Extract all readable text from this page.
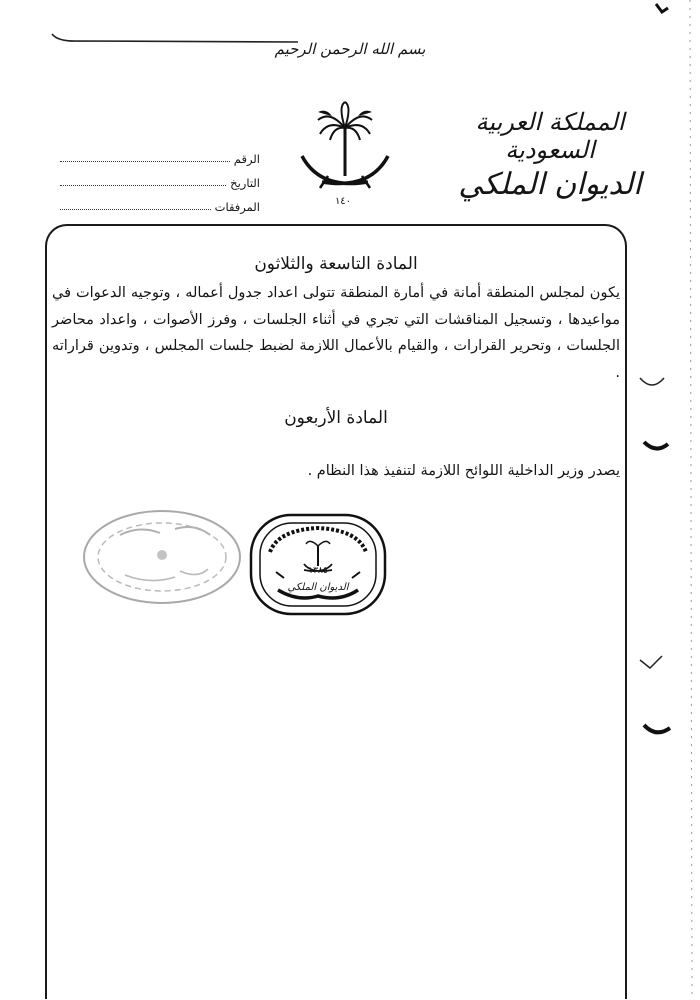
بسم الله الرحمن الرحيم
المملكة العربية السعودية
الديوان الملكي
١٤٠
الرقم
التاريخ
المرفقات
المادة التاسعة والثلاثون
يكون لمجلس المنطقة أمانة في أمارة المنطقة تتولى اعداد جدول أعماله ، وتوجيه الدعوات في مواعيدها ، وتسجيل المناقشات التي تجري في أثناء الجلسات ، وفرز الأصوات ، واعداد محاضر الجلسات ، وتحرير القرارات ، والقيام بالأعمال اللازمة لضبط جلسات المجلس ، وتدوين قراراته .
المادة الأربعون
يصدر وزير الداخلية اللوائح اللازمة لتنفيذ هذا النظام .
١٣٨٥
الديوان الملكي
